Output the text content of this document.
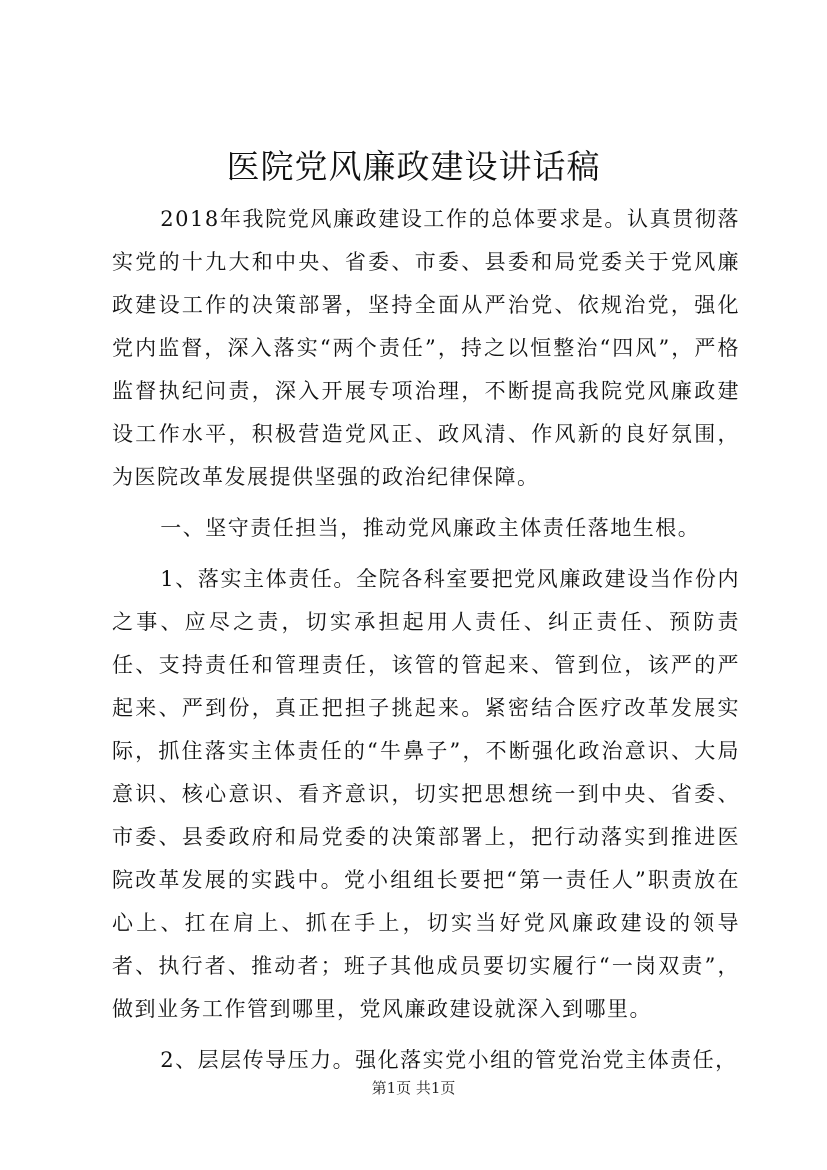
医院党风廉政建设讲话稿

2018年我院党风廉政建设工作的总体要求是。认真贯彻落实党的十九大和中央、省委、市委、县委和局党委关于党风廉政建设工作的决策部署，坚持全面从严治党、依规治党，强化党内监督，深入落实“两个责任”，持之以恒整治“四风”，严格监督执纪问责，深入开展专项治理，不断提高我院党风廉政建设工作水平，积极营造党风正、政风清、作风新的良好氛围，为医院改革发展提供坚强的政治纪律保障。

一、坚守责任担当，推动党风廉政主体责任落地生根。

1、落实主体责任。全院各科室要把党风廉政建设当作份内之事、应尽之责，切实承担起用人责任、纠正责任、预防责任、支持责任和管理责任，该管的管起来、管到位，该严的严起来、严到份，真正把担子挑起来。紧密结合医疗改革发展实际，抓住落实主体责任的“牛鼻子”，不断强化政治意识、大局意识、核心意识、看齐意识，切实把思想统一到中央、省委、市委、县委政府和局党委的决策部署上，把行动落实到推进医院改革发展的实践中。党小组组长要把“第一责任人”职责放在心上、扛在肩上、抓在手上，切实当好党风廉政建设的领导者、执行者、推动者；班子其他成员要切实履行“一岗双责”，做到业务工作管到哪里，党风廉政建设就深入到哪里。

2、层层传导压力。强化落实党小组的管党治党主体责任，

第1页 共1页
